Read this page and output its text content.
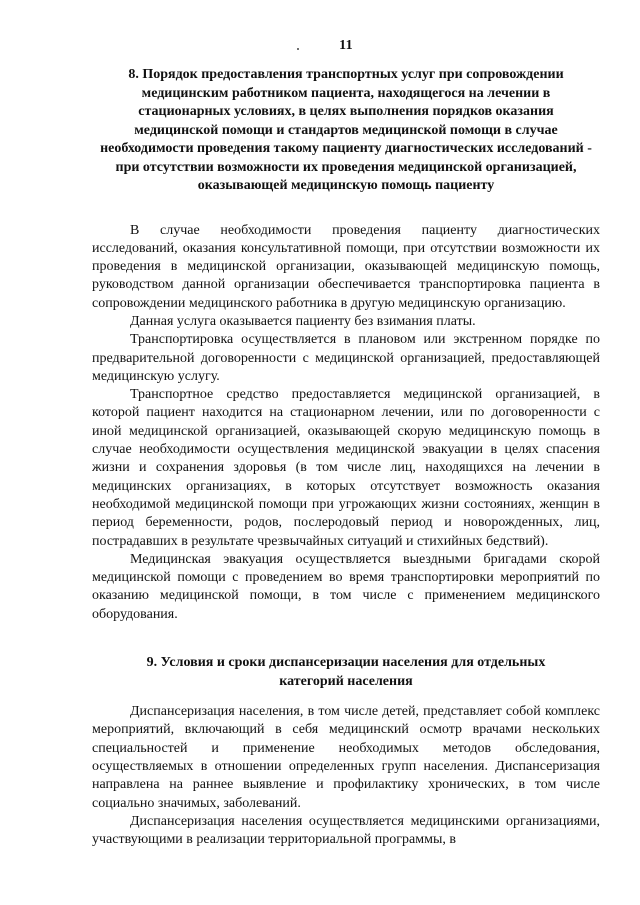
11
8. Порядок предоставления транспортных услуг при сопровождении медицинским работником пациента, находящегося на лечении в стационарных условиях, в целях выполнения порядков оказания медицинской помощи и стандартов медицинской помощи в случае необходимости проведения такому пациенту диагностических исследований - при отсутствии возможности их проведения медицинской организацией, оказывающей медицинскую помощь пациенту

В случае необходимости проведения пациенту диагностических исследований, оказания консультативной помощи, при отсутствии возможности их проведения в медицинской организации, оказывающей медицинскую помощь, руководством данной организации обеспечивается транспортировка пациента в сопровождении медицинского работника в другую медицинскую организацию.

Данная услуга оказывается пациенту без взимания платы.

Транспортировка осуществляется в плановом или экстренном порядке по предварительной договоренности с медицинской организацией, предоставляющей медицинскую услугу.

Транспортное средство предоставляется медицинской организацией, в которой пациент находится на стационарном лечении, или по договоренности с иной медицинской организацией, оказывающей скорую медицинскую помощь в случае необходимости осуществления медицинской эвакуации в целях спасения жизни и сохранения здоровья (в том числе лиц, находящихся на лечении в медицинских организациях, в которых отсутствует возможность оказания необходимой медицинской помощи при угрожающих жизни состояниях, женщин в период беременности, родов, послеродовый период и новорожденных, лиц, пострадавших в результате чрезвычайных ситуаций и стихийных бедствий).

Медицинская эвакуация осуществляется выездными бригадами скорой медицинской помощи с проведением во время транспортировки мероприятий по оказанию медицинской помощи, в том числе с применением медицинского оборудования.

9. Условия и сроки диспансеризации населения для отдельных категорий населения

Диспансеризация населения, в том числе детей, представляет собой комплекс мероприятий, включающий в себя медицинский осмотр врачами нескольких специальностей и применение необходимых методов обследования, осуществляемых в отношении определенных групп населения. Диспансеризация направлена на раннее выявление и профилактику хронических, в том числе социально значимых, заболеваний.

Диспансеризация населения осуществляется медицинскими организациями, участвующими в реализации территориальной программы, в
